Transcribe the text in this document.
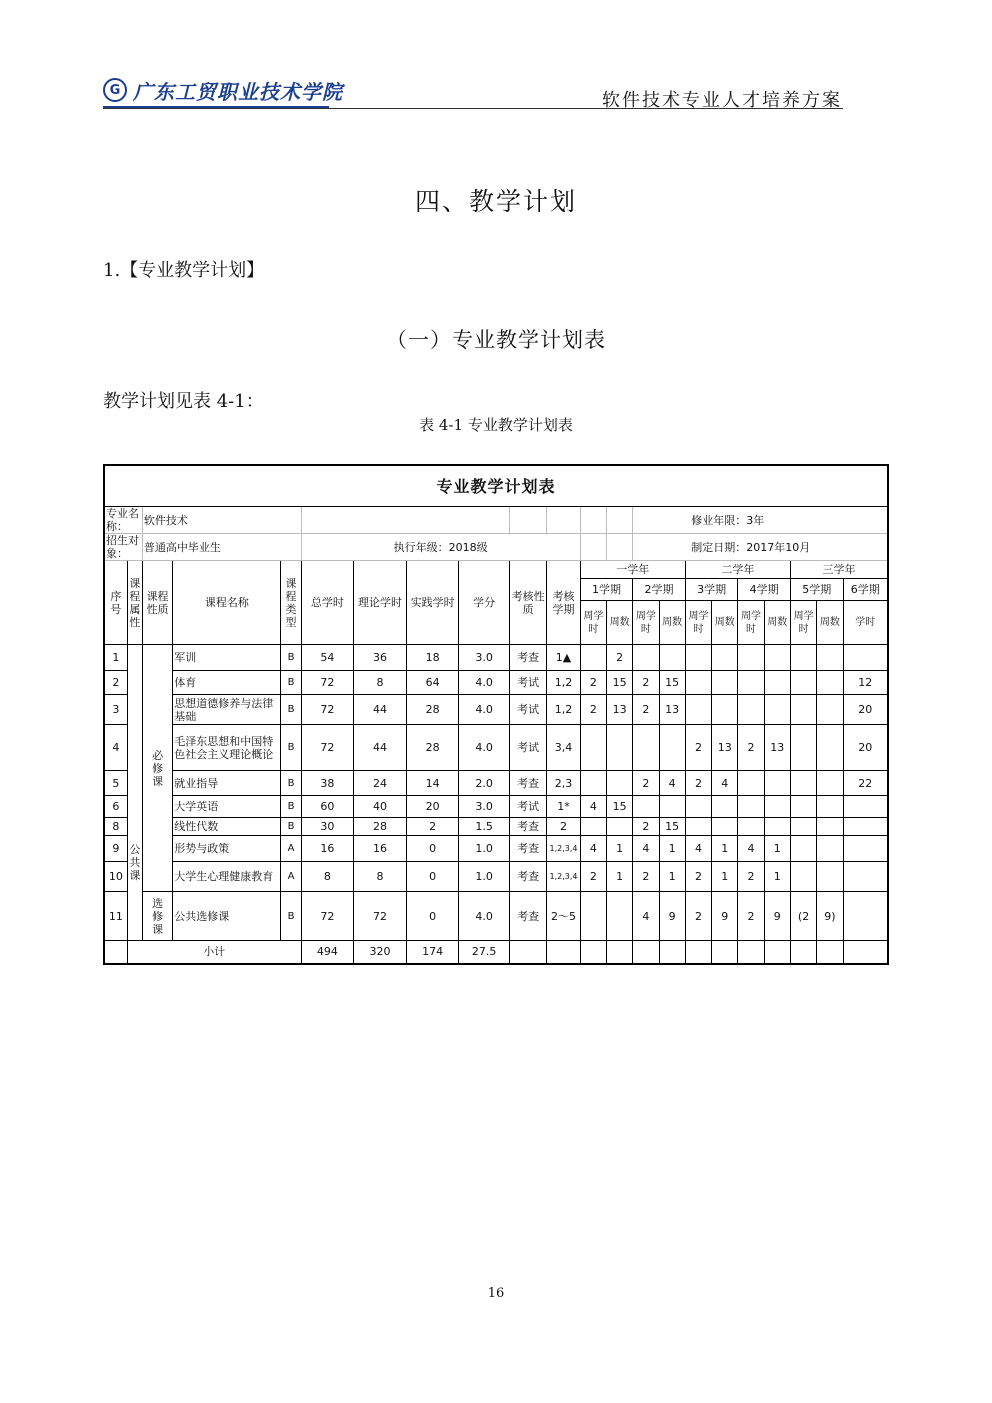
G 广东工贸职业技术学院	软件技术专业人才培养方案
四、教学计划
1.【专业教学计划】
（一）专业教学计划表
教学计划见表 4-1：
表 4-1 专业教学计划表
专业教学计划表																					
专业名称：		软件技术											修业年限：3年								
招生对象：		普通高中毕业生			执行年级：2018级								制定日期：2017年10月								
序号	课程属性	课程性质	课程名称	课程类型	总学时	理论学时	实践学时	学分	考核性质	考核学期	一学年				二学年				三学年		
											1学期		2学期		3学期		4学期		5学期		6学期
											周学时	周数	周学时	周数	周学时	周数	周学时	周数	周学时	周数	学时
1	公共课	必修课	军训	B	54	36	18	3.0	考查	1▲		2									
2			体育	B	72	8	64	4.0	考试	1,2	2	15	2	15							12
3			思想道德修养与法律基础	B	72	44	28	4.0	考试	1,2	2	13	2	13							20
4			毛泽东思想和中国特色社会主义理论概论	B	72	44	28	4.0	考试	3,4					2	13	2	13			20
5			就业指导	B	38	24	14	2.0	考查	2,3			2	4	2	4					22
6			大学英语	B	60	40	20	3.0	考试	1*	4	15									
8			线性代数	B	30	28	2	1.5	考查	2			2	15							
9			形势与政策	A	16	16	0	1.0	考查	1,2,3,4	4	1	4	1	4	1	4	1			
10			大学生心理健康教育	A	8	8	0	1.0	考查	1,2,3,4	2	1	2	1	2	1	2	1			
11		选修课	公共选修课	B	72	72	0	4.0	考查	2～5			4	9	2	9	2	9	(2	9)	
	小计				494	320	174	27.5													
16
